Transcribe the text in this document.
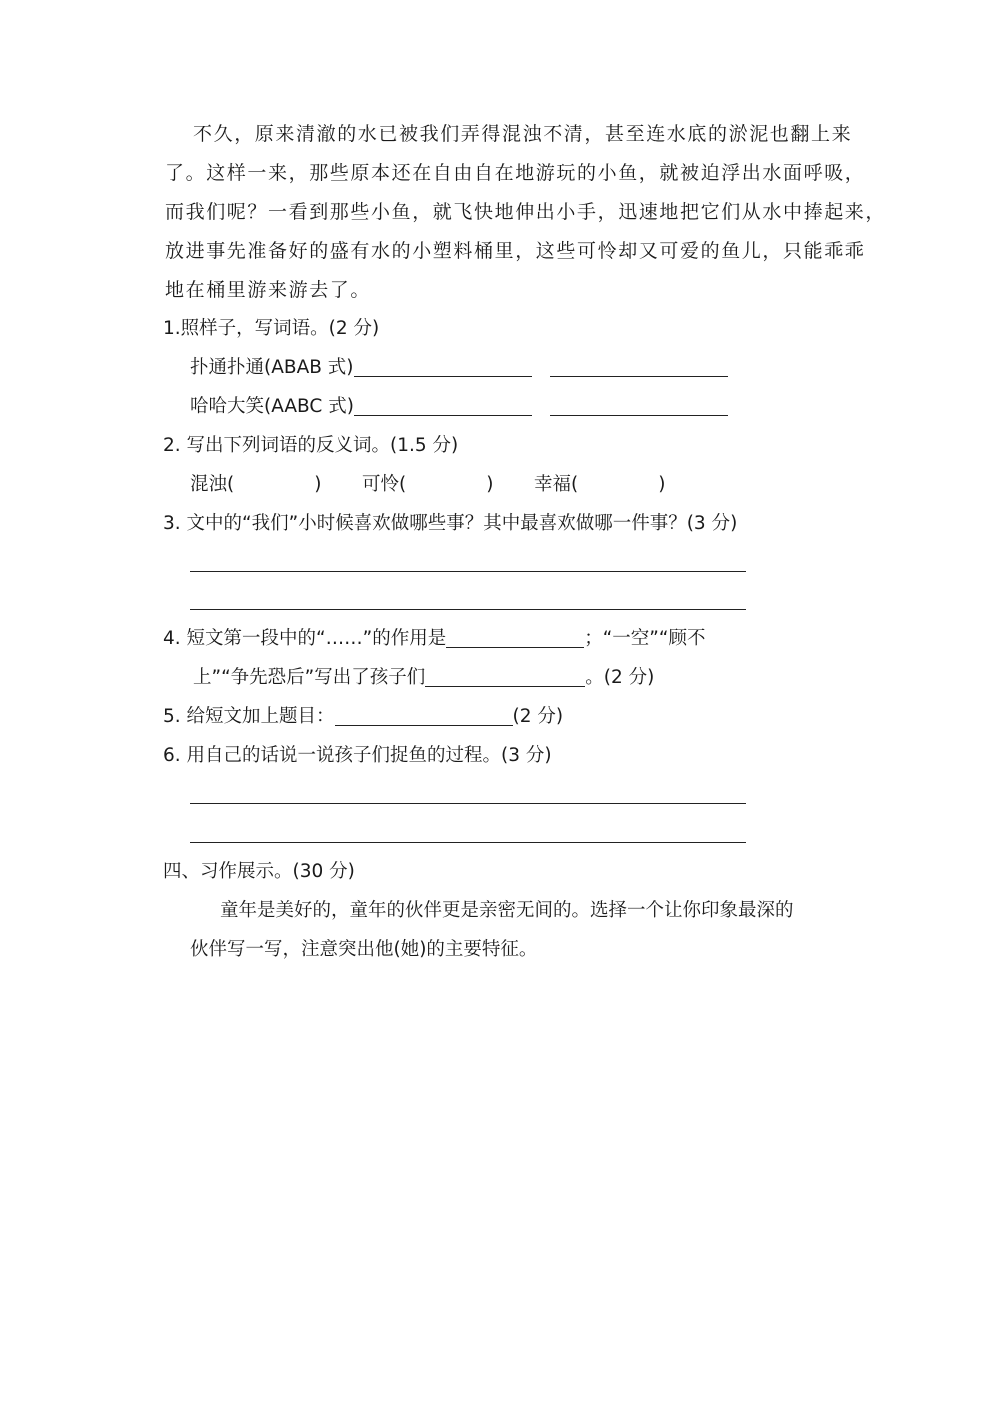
不久，原来清澈的水已被我们弄得混浊不清，甚至连水底的淤泥也翻上来
了。这样一来，那些原本还在自由自在地游玩的小鱼，就被迫浮出水面呼吸，
而我们呢？一看到那些小鱼，就飞快地伸出小手，迅速地把它们从水中捧起来，
放进事先准备好的盛有水的小塑料桶里，这些可怜却又可爱的鱼儿，只能乖乖
地在桶里游来游去了。
1.照样子，写词语。(2 分)
扑通扑通(ABAB 式)
哈哈大笑(AABC 式)
2. 写出下列词语的反义词。(1.5 分)
混浊(	) 可怜(	) 幸福(	)
3. 文中的“我们”小时候喜欢做哪些事？其中最喜欢做哪一件事？(3 分)
4. 短文第一段中的“……”的作用是	；“一空”“顾不
上”“争先恐后”写出了孩子们	。(2 分)
5. 给短文加上题目：	(2 分)
6. 用自己的话说一说孩子们捉鱼的过程。(3 分)
四、习作展示。(30 分)
童年是美好的，童年的伙伴更是亲密无间的。选择一个让你印象最深的
伙伴写一写，注意突出他(她)的主要特征。
